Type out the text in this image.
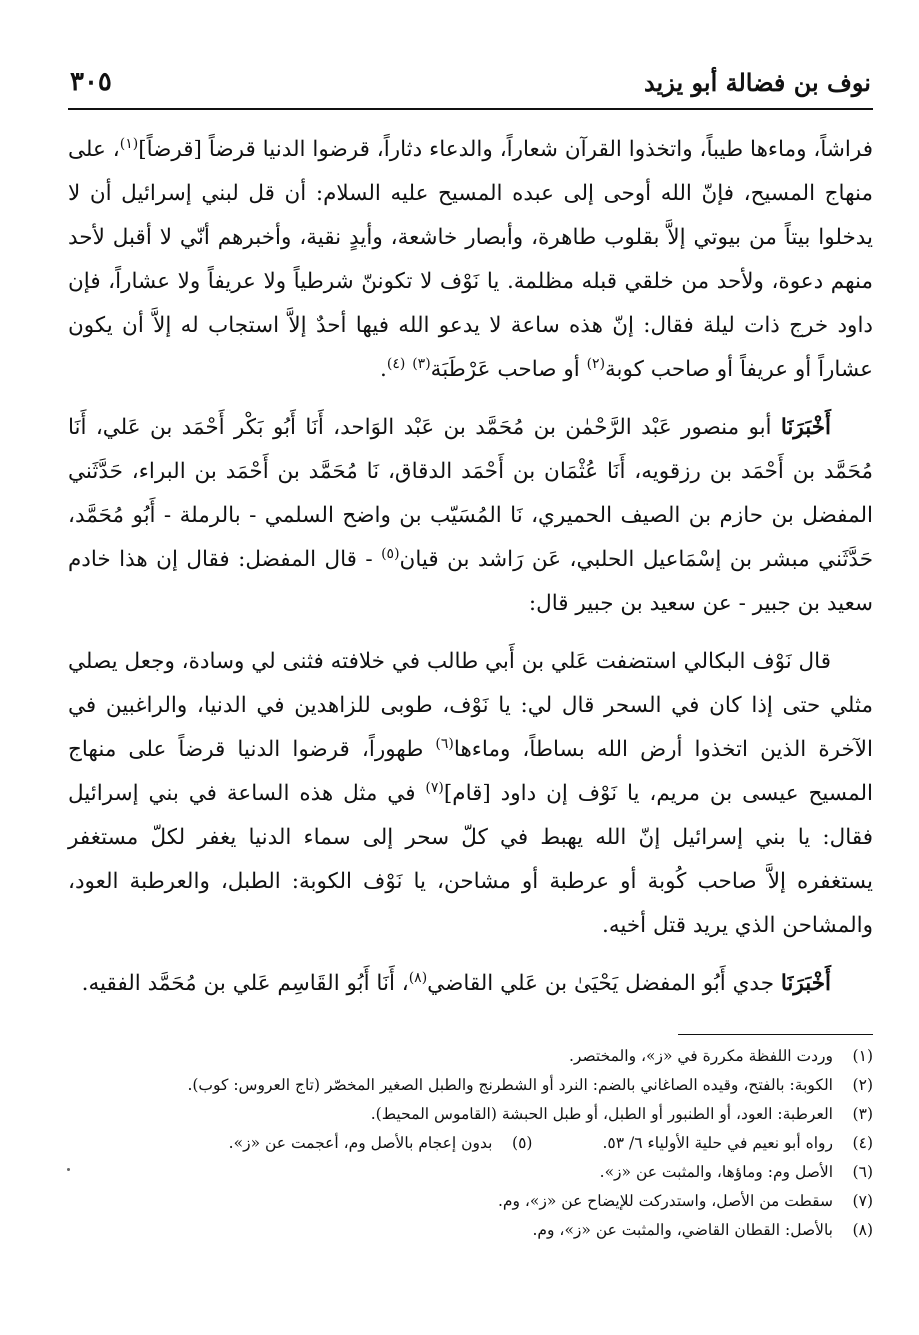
٣٠٥	نوف بن فضالة أبو يزيد

فراشاً، وماءها طيباً، واتخذوا القرآن شعاراً، والدعاء دثاراً، قرضوا الدنيا قرضاً [قرضاً]$^{(١)}$، على منهاج المسيح، فإنّ الله أوحى إلى عبده المسيح عليه السلام: أن قل لبني إسرائيل أن لا يدخلوا بيتاً من بيوتي إلاَّ بقلوب طاهرة، وأبصار خاشعة، وأيدٍ نقية، وأخبرهم أنّي لا أقبل لأحد منهم دعوة، ولأحد من خلقي قبله مظلمة. يا نَوْف لا تكوننّ شرطياً ولا عريفاً ولا عشاراً، فإن داود خرج ذات ليلة فقال: إنّ هذه ساعة لا يدعو الله فيها أحدٌ إلاَّ استجاب له إلاَّ أن يكون عشاراً أو عريفاً أو صاحب كوبة$^{(٢)}$ أو صاحب عَرْطَبَة$^{(٣)}$ $^{(٤)}$.

أَخْبَرَنَا أبو منصور عَبْد الرَّحْمٰن بن مُحَمَّد بن عَبْد الوَاحد، أَنَا أَبُو بَكْر أَحْمَد بن عَلي، أَنَا مُحَمَّد بن أَحْمَد بن رزقويه، أَنَا عُثْمَان بن أَحْمَد الدقاق، نَا مُحَمَّد بن أَحْمَد بن البراء، حَدَّثَني المفضل بن حازم بن الصيف الحميري، نَا المُسَيّب بن واضح السلمي - بالرملة - أَبُو مُحَمَّد، حَدَّثَني مبشر بن إسْمَاعيل الحلبي، عَن رَاشد بن قيان$^{(٥)}$ - قال المفضل: فقال إن هذا خادم سعيد بن جبير - عن سعيد بن جبير قال:

قال نَوْف البكالي استضفت عَلي بن أَبي طالب في خلافته فثنى لي وسادة، وجعل يصلي مثلي حتى إذا كان في السحر قال لي: يا نَوْف، طوبى للزاهدين في الدنيا، والراغبين في الآخرة الذين اتخذوا أرض الله بساطاً، وماءها$^{(٦)}$ طهوراً، قرضوا الدنيا قرضاً على منهاج المسيح عيسى بن مريم، يا نَوْف إن داود [قام]$^{(٧)}$ في مثل هذه الساعة في بني إسرائيل فقال: يا بني إسرائيل إنّ الله يهبط في كلّ سحر إلى سماء الدنيا يغفر لكلّ مستغفر يستغفره إلاَّ صاحب كُوبة أو عرطبة أو مشاحن، يا نَوْف الكوبة: الطبل، والعرطبة العود، والمشاحن الذي يريد قتل أخيه.

أَخْبَرَنَا جدي أَبُو المفضل يَحْيَىٰ بن عَلي القاضي$^{(٨)}$، أَنَا أَبُو القَاسِم عَلي بن مُحَمَّد الفقيه.

(١)
وردت اللفظة مكررة في «ز»، والمختصر.
(٢)
الكوبة: بالفتح، وقيده الصاغاني بالضم: النرد أو الشطرنج والطبل الصغير المخصّر (تاج العروس: كوب).
(٣)
العرطبة: العود، أو الطنبور أو الطبل، أو طبل الحبشة (القاموس المحيط).
(٤)
رواه أبو نعيم في حلية الأولياء ٦/ ٥٣.
(٥)
بدون إعجام بالأصل وم، أعجمت عن «ز».
(٦)
الأصل وم: وماؤها، والمثبت عن «ز».
(٧)
سقطت من الأصل، واستدركت للإيضاح عن «ز»، وم.
(٨)
بالأصل: القطان القاضي، والمثبت عن «ز»، وم.
